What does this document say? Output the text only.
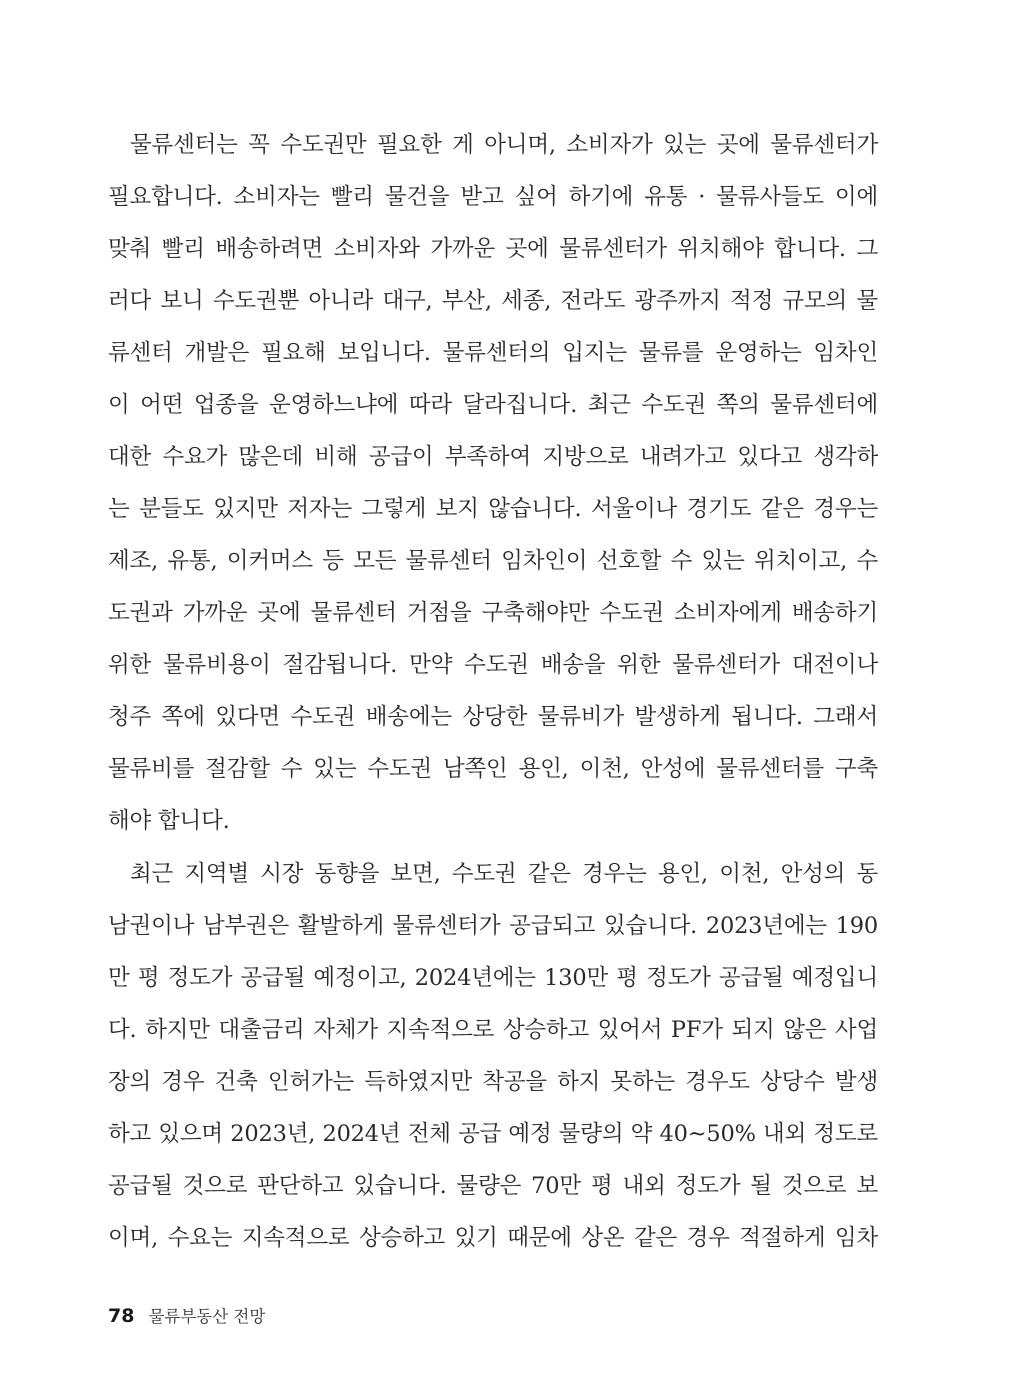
물류센터는 꼭 수도권만 필요한 게 아니며, 소비자가 있는 곳에 물류센터가
필요합니다. 소비자는 빨리 물건을 받고 싶어 하기에 유통 · 물류사들도 이에
맞춰 빨리 배송하려면 소비자와 가까운 곳에 물류센터가 위치해야 합니다. 그
러다 보니 수도권뿐 아니라 대구, 부산, 세종, 전라도 광주까지 적정 규모의 물
류센터 개발은 필요해 보입니다. 물류센터의 입지는 물류를 운영하는 임차인
이 어떤 업종을 운영하느냐에 따라 달라집니다. 최근 수도권 쪽의 물류센터에
대한 수요가 많은데 비해 공급이 부족하여 지방으로 내려가고 있다고 생각하
는 분들도 있지만 저자는 그렇게 보지 않습니다. 서울이나 경기도 같은 경우는
제조, 유통, 이커머스 등 모든 물류센터 임차인이 선호할 수 있는 위치이고, 수
도권과 가까운 곳에 물류센터 거점을 구축해야만 수도권 소비자에게 배송하기
위한 물류비용이 절감됩니다. 만약 수도권 배송을 위한 물류센터가 대전이나
청주 쪽에 있다면 수도권 배송에는 상당한 물류비가 발생하게 됩니다. 그래서
물류비를 절감할 수 있는 수도권 남쪽인 용인, 이천, 안성에 물류센터를 구축
해야 합니다.
최근 지역별 시장 동향을 보면, 수도권 같은 경우는 용인, 이천, 안성의 동
남권이나 남부권은 활발하게 물류센터가 공급되고 있습니다. 2023년에는 190
만 평 정도가 공급될 예정이고, 2024년에는 130만 평 정도가 공급될 예정입니
다. 하지만 대출금리 자체가 지속적으로 상승하고 있어서 PF가 되지 않은 사업
장의 경우 건축 인허가는 득하였지만 착공을 하지 못하는 경우도 상당수 발생
하고 있으며 2023년, 2024년 전체 공급 예정 물량의 약 40~50% 내외 정도로
공급될 것으로 판단하고 있습니다. 물량은 70만 평 내외 정도가 될 것으로 보
이며, 수요는 지속적으로 상승하고 있기 때문에 상온 같은 경우 적절하게 임차
78 물류부동산 전망
